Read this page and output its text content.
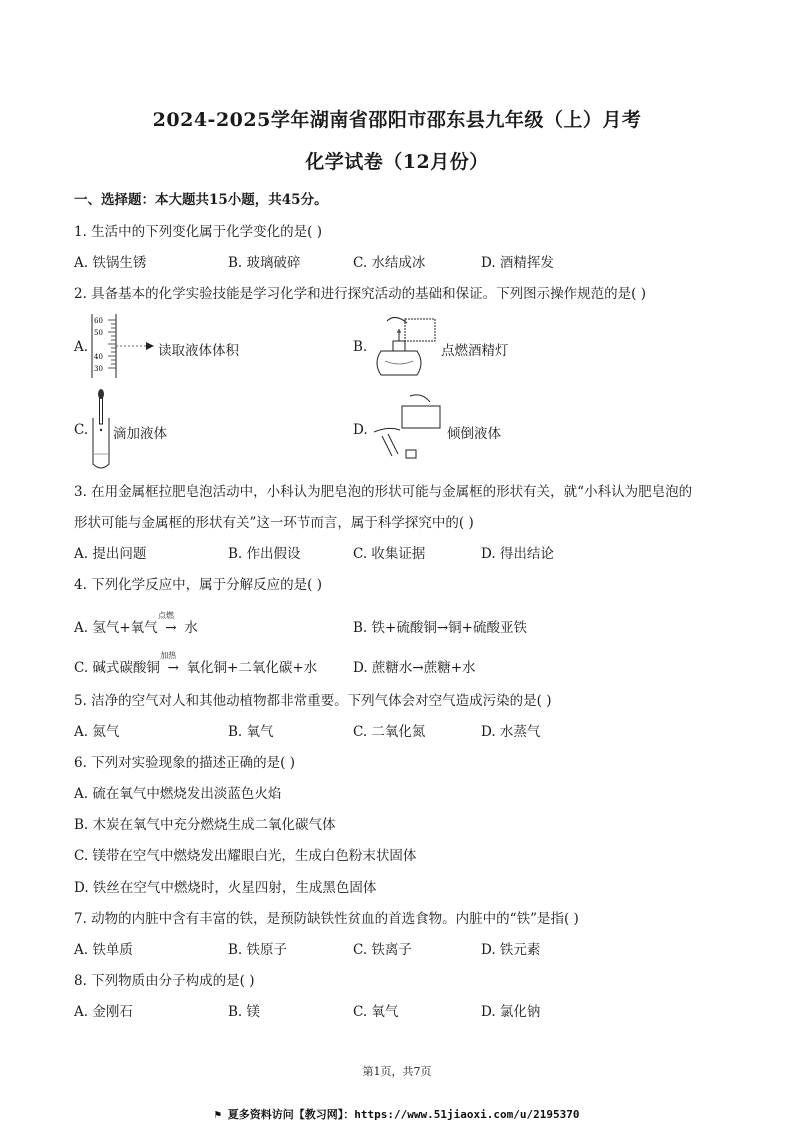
2024-2025学年湖南省邵阳市邵东县九年级（上）月考
化学试卷（12月份）
一、选择题：本大题共15小题，共45分。
1. 生活中的下列变化属于化学变化的是( )
A. 铁锅生锈	B. 玻璃破碎	C. 水结成冰	D. 酒精挥发
2. 具备基本的化学实验技能是学习化学和进行探究活动的基础和保证。下列图示操作规范的是( )
A.
60
50
40
30
读取液体体积	B.	点燃酒精灯
C. 滴加液体	D.	倾倒液体
3. 在用金属框拉肥皂泡活动中，小科认为肥皂泡的形状可能与金属框的形状有关，就“小科认为肥皂泡的
形状可能与金属框的形状有关”这一环节而言，属于科学探究中的( )
A. 提出问题	B. 作出假设	C. 收集证据	D. 得出结论
4. 下列化学反应中，属于分解反应的是( )
A. 氢气+氧气
点燃
→ 水	B. 铁+硫酸铜→铜+硫酸亚铁
C. 碱式碳酸铜
加热
→ 氧化铜+二氧化碳+水	D. 蔗糖水→蔗糖+水
5. 洁净的空气对人和其他动植物都非常重要。下列气体会对空气造成污染的是( )
A. 氮气	B. 氧气	C. 二氧化氮	D. 水蒸气
6. 下列对实验现象的描述正确的是( )
A. 硫在氧气中燃烧发出淡蓝色火焰
B. 木炭在氧气中充分燃烧生成二氧化碳气体
C. 镁带在空气中燃烧发出耀眼白光，生成白色粉末状固体
D. 铁丝在空气中燃烧时，火星四射，生成黑色固体
7. 动物的内脏中含有丰富的铁，是预防缺铁性贫血的首选食物。内脏中的“铁”是指( )
A. 铁单质	B. 铁原子	C. 铁离子	D. 铁元素
8. 下列物质由分子构成的是( )
A. 金刚石	B. 镁	C. 氧气	D. 氯化钠
第1页，共7页
⚑ 夏多资料访问【教习网】：https://www.51jiaoxi.com/u/2195370
